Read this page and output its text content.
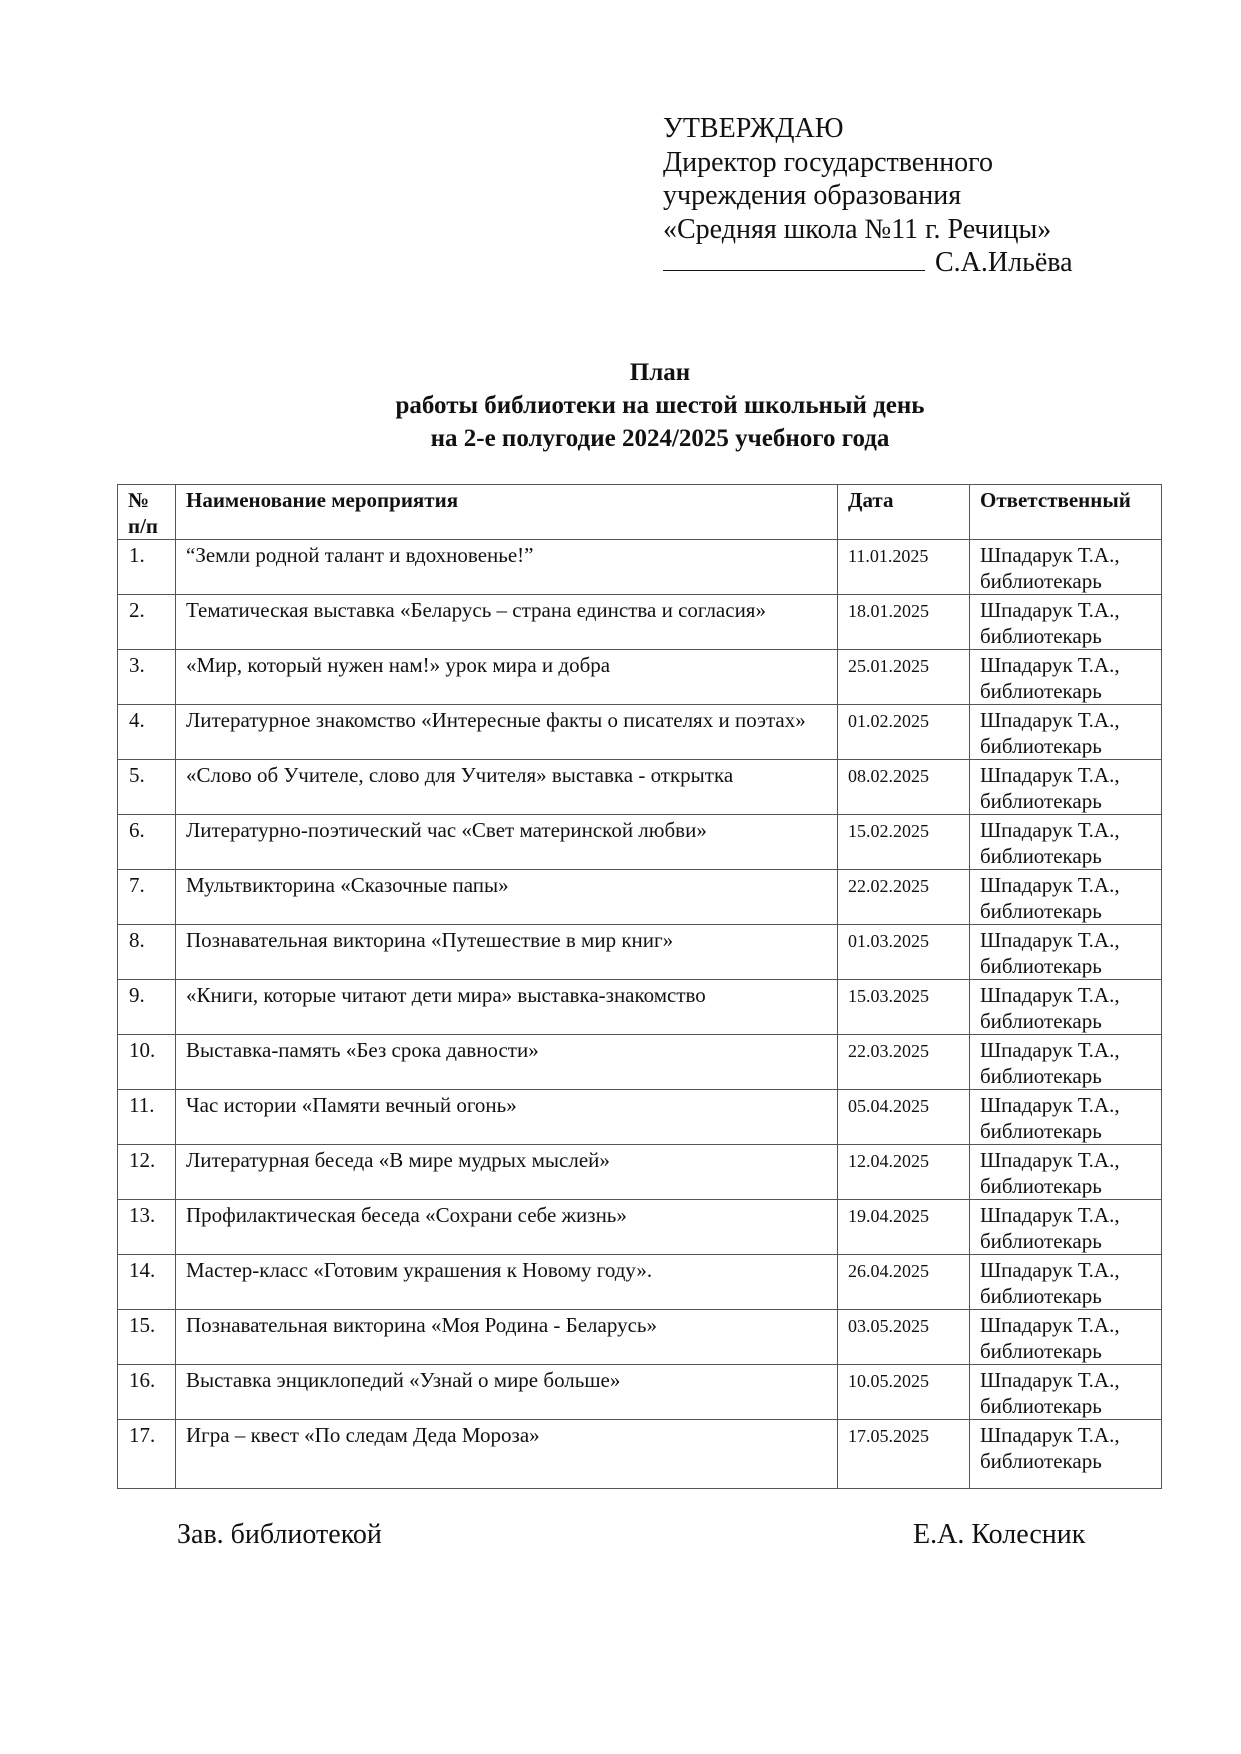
УТВЕРЖДАЮ
Директор государственного
учреждения образования
«Средняя школа №11 г. Речицы»
С.А.Ильёва
План
работы библиотеки на шестой школьный день
на 2-е полугодие 2024/2025 учебного года
№ п/п	Наименование мероприятия	Дата	Ответственный
1.	“Земли родной талант и вдохновенье!”	11.01.2025	Шпадарук Т.А., библиотекарь
2.	Тематическая выставка «Беларусь – страна единства и согласия»	18.01.2025	Шпадарук Т.А., библиотекарь
3.	«Мир, который нужен нам!» урок мира и добра	25.01.2025	Шпадарук Т.А., библиотекарь
4.	Литературное знакомство «Интересные факты о писателях и поэтах»	01.02.2025	Шпадарук Т.А., библиотекарь
5.	«Слово об Учителе, слово для Учителя» выставка - открытка	08.02.2025	Шпадарук Т.А., библиотекарь
6.	Литературно-поэтический час «Свет материнской любви»	15.02.2025	Шпадарук Т.А., библиотекарь
7.	Мультвикторина «Сказочные папы»	22.02.2025	Шпадарук Т.А., библиотекарь
8.	Познавательная викторина «Путешествие в мир книг»	01.03.2025	Шпадарук Т.А., библиотекарь
9.	«Книги, которые читают дети мира» выставка-знакомство	15.03.2025	Шпадарук Т.А., библиотекарь
10.	Выставка-память «Без срока давности»	22.03.2025	Шпадарук Т.А., библиотекарь
11.	Час истории «Памяти вечный огонь»	05.04.2025	Шпадарук Т.А., библиотекарь
12.	Литературная беседа «В мире мудрых мыслей»	12.04.2025	Шпадарук Т.А., библиотекарь
13.	Профилактическая беседа «Сохрани себе жизнь»	19.04.2025	Шпадарук Т.А., библиотекарь
14.	Мастер-класс «Готовим украшения к Новому году».	26.04.2025	Шпадарук Т.А., библиотекарь
15.	Познавательная викторина «Моя Родина - Беларусь»	03.05.2025	Шпадарук Т.А., библиотекарь
16.	Выставка энциклопедий «Узнай о мире больше»	10.05.2025	Шпадарук Т.А., библиотекарь
17.	Игра – квест «По следам Деда Мороза»	17.05.2025	Шпадарук Т.А., библиотекарь
Зав. библиотекой	Е.А. Колесник
